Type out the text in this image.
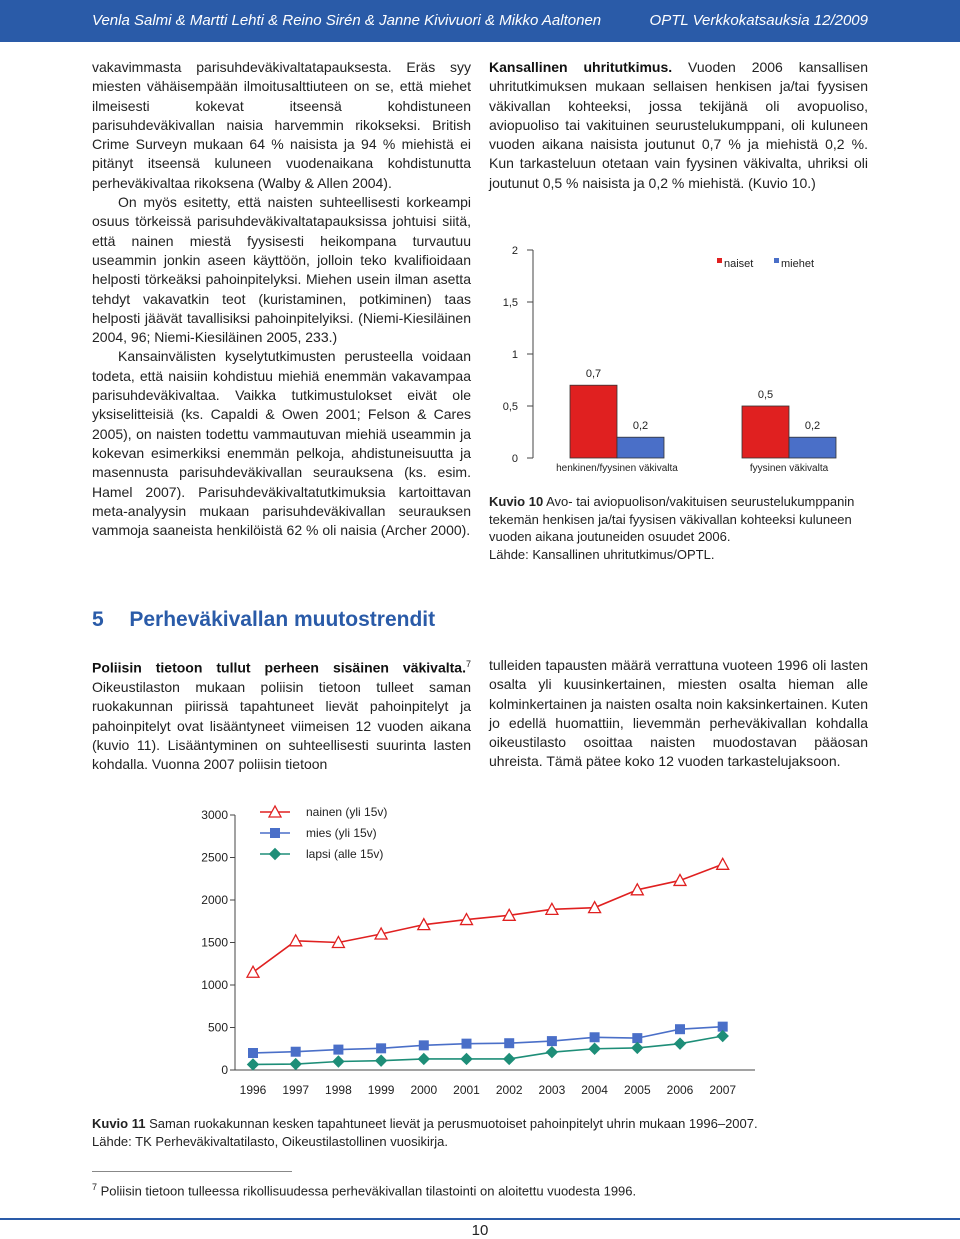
Venla Salmi & Martti Lehti & Reino Sirén & Janne Kivivuori & Mikko Aaltonen	OPTL Verkkokatsauksia 12/2009

vakavimmasta parisuhdeväkivaltatapauksesta. Eräs syy miesten vähäisempään ilmoitusalttiuteen on se, että miehet ilmeisesti kokevat itseensä kohdistuneen parisuhdeväkivallan naisia harvemmin rikokseksi. British Crime Surveyn mukaan 64 % naisista ja 94 % miehistä ei pitänyt itseensä kuluneen vuodenaikana kohdistunutta perheväkivaltaa rikoksena (Walby & Allen 2004).

On myös esitetty, että naisten suhteellisesti korkeampi osuus törkeissä parisuhdeväkivaltatapauksissa johtuisi siitä, että nainen miestä fyysisesti heikompana turvautuu useammin jonkin aseen käyttöön, jolloin teko kvalifioidaan helposti törkeäksi pahoinpitelyksi. Miehen usein ilman asetta tehdyt vakavatkin teot (kuristaminen, potkiminen) taas helposti jäävät tavallisiksi pahoinpitelyiksi. (Niemi-Kiesiläinen 2004, 96; Niemi-Kiesiläinen 2005, 233.)

Kansainvälisten kyselytutkimusten perusteella voidaan todeta, että naisiin kohdistuu miehiä enemmän vakavampaa parisuhdeväkivaltaa. Vaikka tutkimustulokset eivät ole yksiselitteisiä (ks. Capaldi & Owen 2001; Felson & Cares 2005), on naisten todettu vammautuvan miehiä useammin ja kokevan esimerkiksi enemmän pelkoja, ahdistuneisuutta ja masennusta parisuhdeväkivallan seurauksena (ks. esim. Hamel 2007). Parisuhdeväkivaltatutkimuksia kartoittavan meta-analyysin mukaan parisuhdeväkivallan seurauksen vammoja saaneista henkilöistä 62 % oli naisia (Archer 2000).

Kansallinen uhritutkimus. Vuoden 2006 kansallisen uhritutkimuksen mukaan sellaisen henkisen ja/tai fyysisen väkivallan kohteeksi, jossa tekijänä oli avopuoliso, aviopuoliso tai vakituinen seurustelukumppani, oli kuluneen vuoden aikana naisista joutunut 0,7 % ja miehistä 0,2 %. Kun tarkasteluun otetaan vain fyysinen väkivalta, uhriksi oli joutunut 0,5 % naisista ja 0,2 % miehistä. (Kuvio 10.)

0
0,5
1
1,5
2
0,7
0,2
henkinen/fyysinen väkivalta
0,5
0,2
fyysinen väkivalta
naiset	miehet
Kuvio 10 Avo- tai aviopuolison/vakituisen seurustelukumppanin tekemän henkisen ja/tai fyysisen väkivallan kohteeksi kuluneen vuoden aikana joutuneiden osuudet 2006.
Lähde: Kansallinen uhritutkimus/OPTL.
5 Perheväkivallan muutostrendit

Poliisin tietoon tullut perheen sisäinen väkivalta.$^7$ Oikeustilaston mukaan poliisin tietoon tulleet saman ruokakunnan piirissä tapahtuneet lievät pahoinpitelyt ja pahoinpitelyt ovat lisääntyneet viimeisen 12 vuoden aikana (kuvio 11). Lisääntyminen on suhteellisesti suurinta lasten kohdalla. Vuonna 2007 poliisin tietoon

tulleiden tapausten määrä verrattuna vuoteen 1996 oli lasten osalta yli kuusinkertainen, miesten osalta hieman alle kolminkertainen ja naisten osalta noin kaksinkertainen. Kuten jo edellä huomattiin, lievemmän perheväkivallan kohdalla oikeustilasto osoittaa naisten muodostavan pääosan uhreista. Tämä pätee koko 12 vuoden tarkastelujaksoon.

0
500
1000
1500
2000
2500
3000
1996 1997 1998 1999 2000 2001 2002 2003 2004 2005 2006 2007
nainen (yli 15v)
mies (yli 15v)
lapsi (alle 15v)
Kuvio 11 Saman ruokakunnan kesken tapahtuneet lievät ja perusmuotoiset pahoinpitelyt uhrin mukaan 1996–2007.
Lähde: TK Perheväkivaltatilasto, Oikeustilastollinen vuosikirja.
$^7$ Poliisin tietoon tulleessa rikollisuudessa perheväkivallan tilastointi on aloitettu vuodesta 1996.
10
